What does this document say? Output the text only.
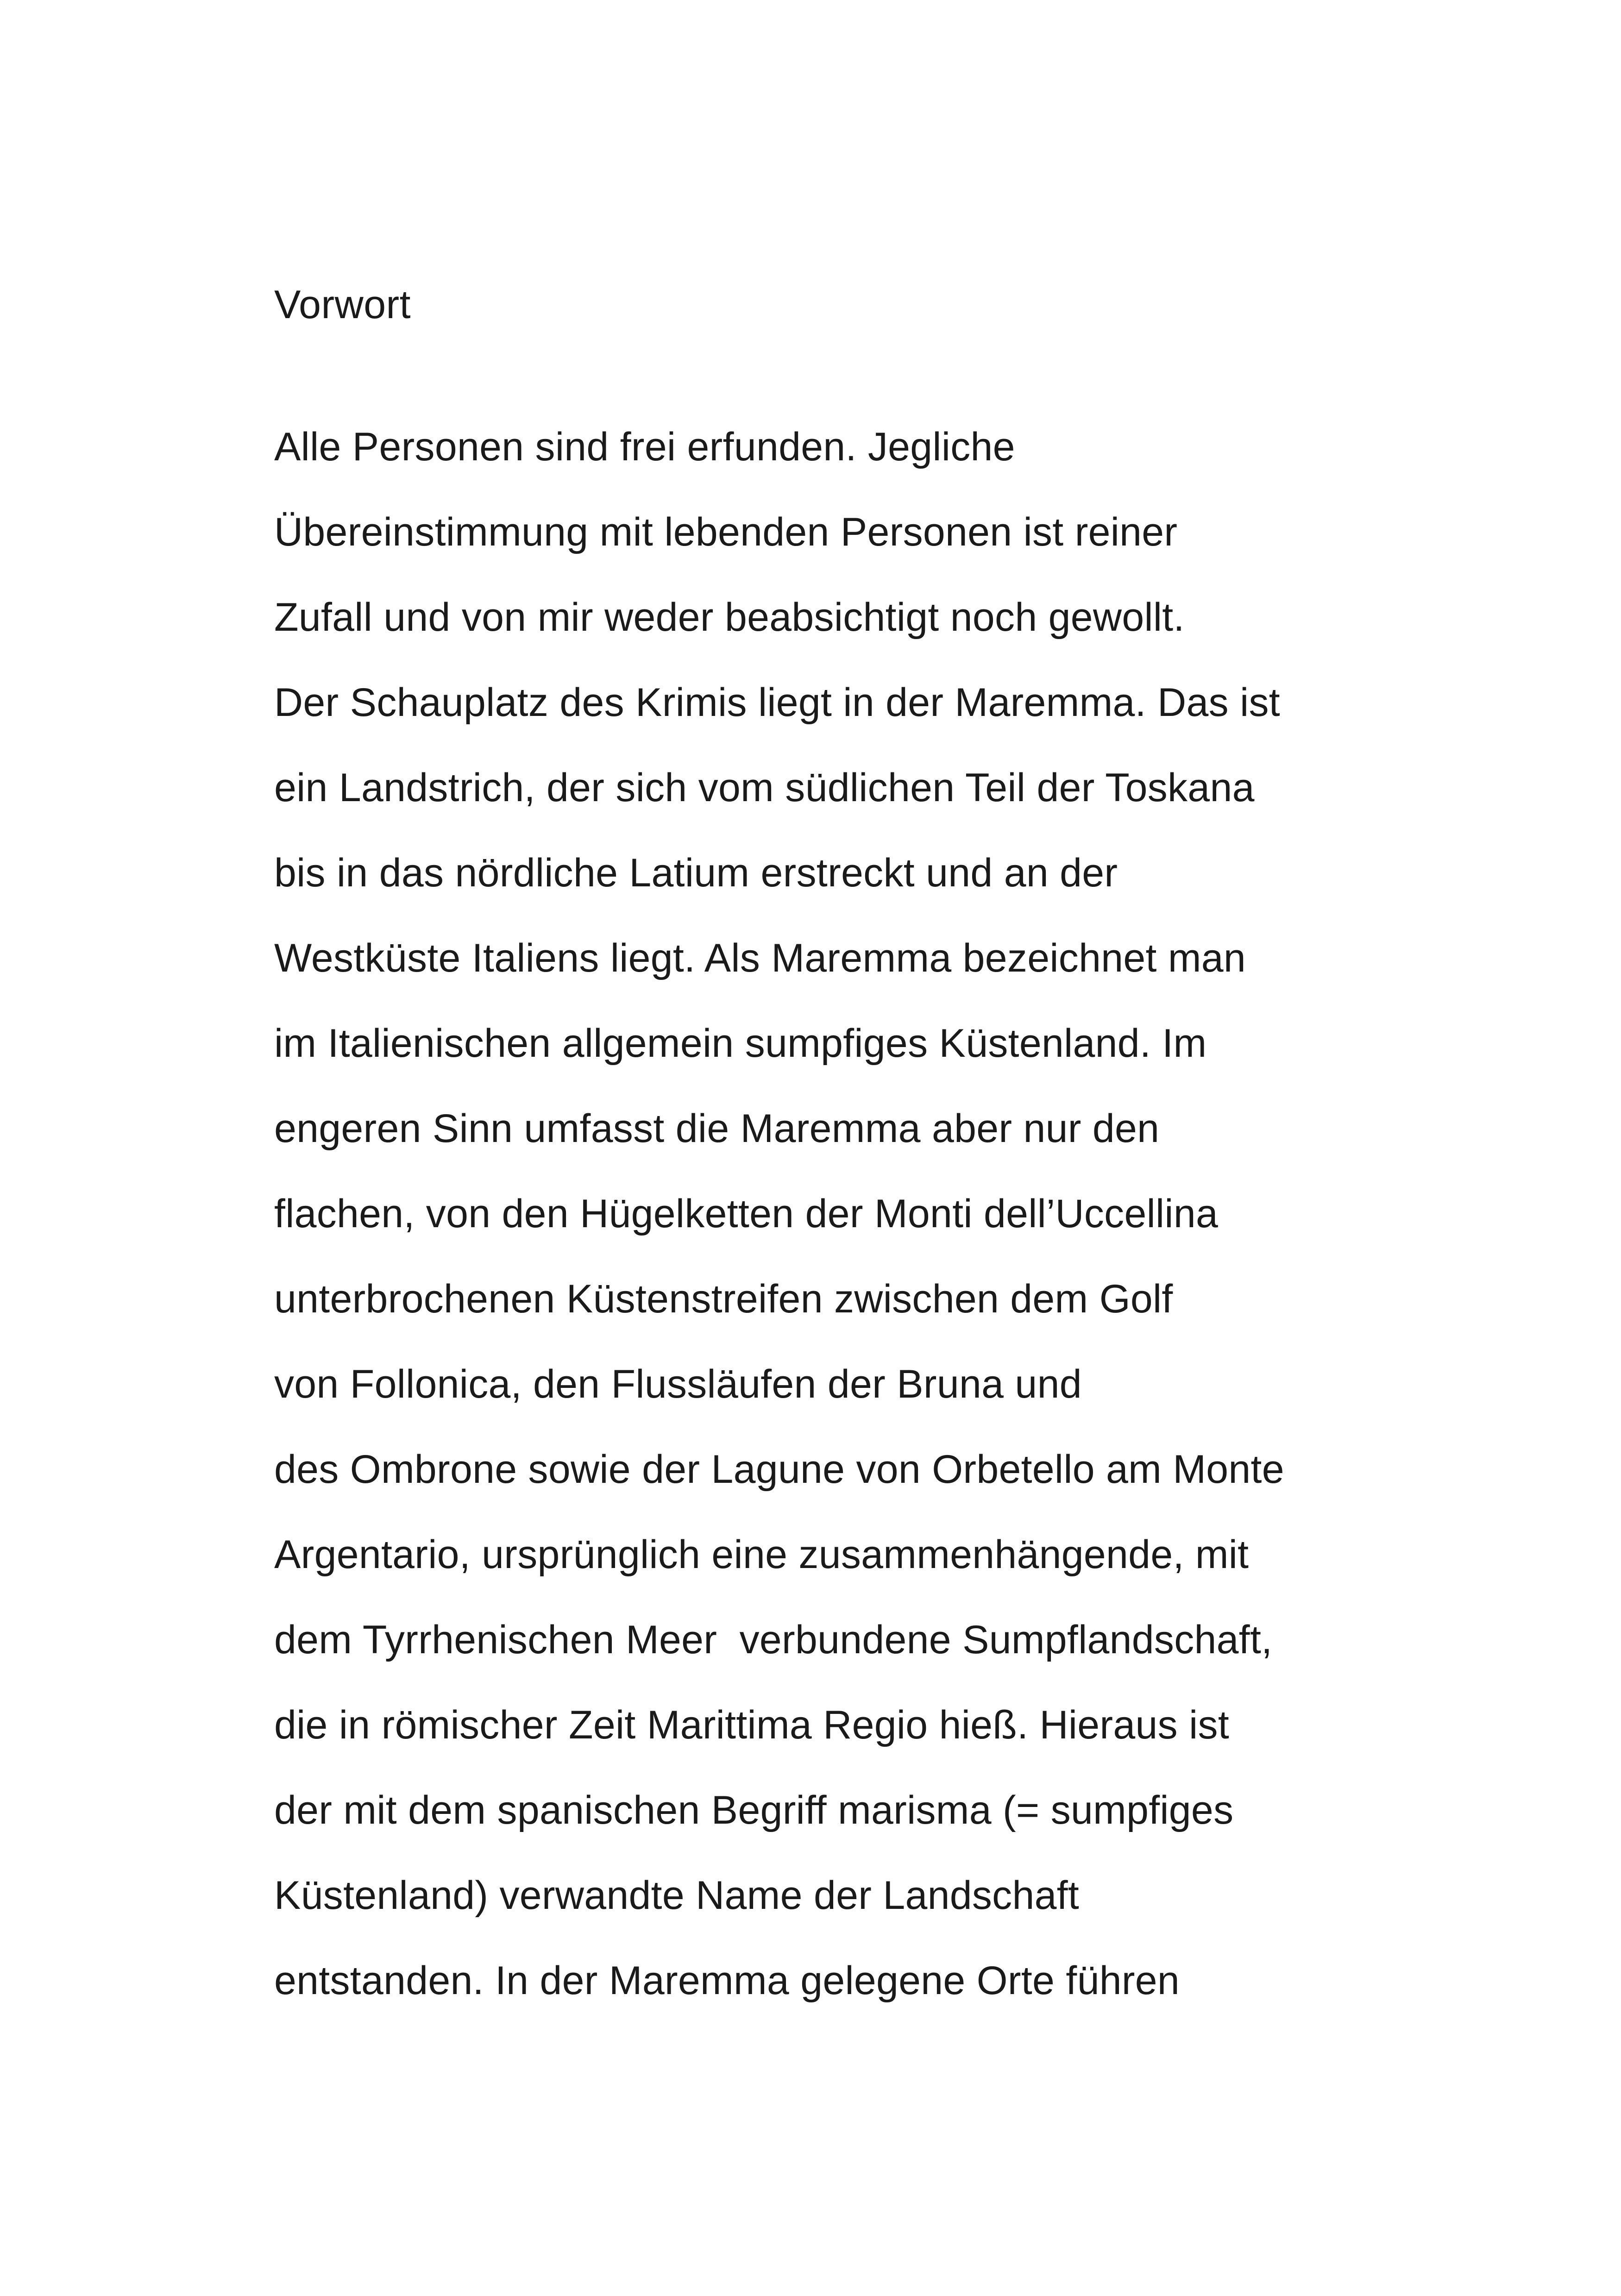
Vorwort
Alle Personen sind frei erfunden. Jegliche
Übereinstimmung mit lebenden Personen ist reiner
Zufall und von mir weder beabsichtigt noch gewollt.
Der Schauplatz des Krimis liegt in der Maremma. Das ist
ein Landstrich, der sich vom südlichen Teil der Toskana
bis in das nördliche Latium erstreckt und an der
Westküste Italiens liegt. Als Maremma bezeichnet man
im Italienischen allgemein sumpfiges Küstenland. Im
engeren Sinn umfasst die Maremma aber nur den
flachen, von den Hügelketten der Monti dell’Uccellina
unterbrochenen Küstenstreifen zwischen dem Golf
von Follonica, den Flussläufen der Bruna und
des Ombrone sowie der Lagune von Orbetello am Monte
Argentario, ursprünglich eine zusammenhängende, mit
dem Tyrrhenischen Meer  verbundene Sumpflandschaft,
die in römischer Zeit Marittima Regio hieß. Hieraus ist
der mit dem spanischen Begriff marisma (= sumpfiges
Küstenland) verwandte Name der Landschaft
entstanden. In der Maremma gelegene Orte führen
